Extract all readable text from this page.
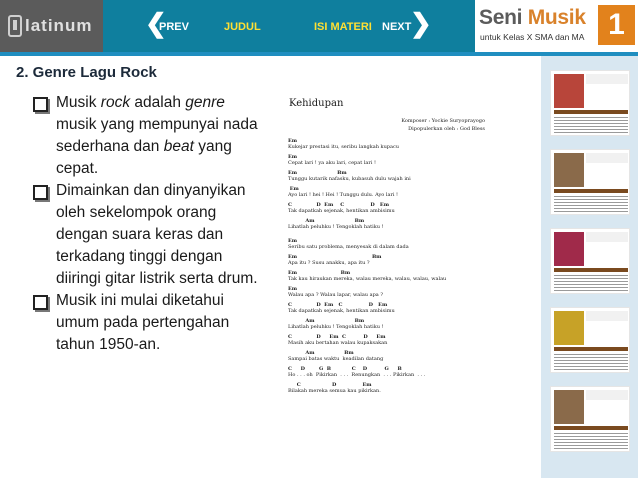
latinum ❮
PREV	JUDUL	ISI MATERI NEXT
❯ Seni Musik
untuk Kelas X SMA dan MA 1
2. Genre Lagu Rock
Musik rock adalah genre musik yang mempunyai nada sederhana dan beat yang cepat.
Dimainkan dan dinyanyikan oleh sekelompok orang dengan suara keras dan terkadang tinggi dengan diiringi gitar listrik serta drum.
Musik ini mulai diketahui umum pada pertengahan tahun 1950-an.
Kehidupan
Komposer : Yockie Suryoprayogo
Dipopulerkan oleh : God Bless
Em
Kukejar prestasi itu, seribu langkah kupacu
Em
Cepat lari ! ya aku lari, cepat lari !
Em                       Bm
Tunggu kutarik nafasku, kubasuh dulu wajah ini
Em
Ayo lari ! hei ! Hei ! Tunggu dulu. Ayo lari !
C              D  Em    C               D   Em
Tak dapatkah sejenak, hentikan ambisimu
Am                       Bm
Lihatlah peluhku ! Tengoklah hatiku !
Em
Seribu satu problema, menyesak di dalam dada
Em                                           Bm
Apa itu ? Susu anakku, apa itu ?
Em                         Bm
Tak kau hiraukan mereka, walau mereka, walau, walau, walau
Em
Walau apa ? Walau lapar, walau apa ?
C              D  Em   C               D   Em
Tak dapatkah sejenak, hentikan ambisimu
Am                       Bm
Lihatlah peluhku ! Tengoklah hatiku !
C              D     Em  C          D     Em
Masih aku bertahan walau kupaksakan
Am                 Bm
Sampai batas waktu  keadilan datang
C     D        G  B            C    D          G     B
Ho . . . oh  Pikirkan  . . .  Renungkan  . . . Pikirkan  . . .
C                  D               Em
Bilakah mereka semua kau pikirkan.
